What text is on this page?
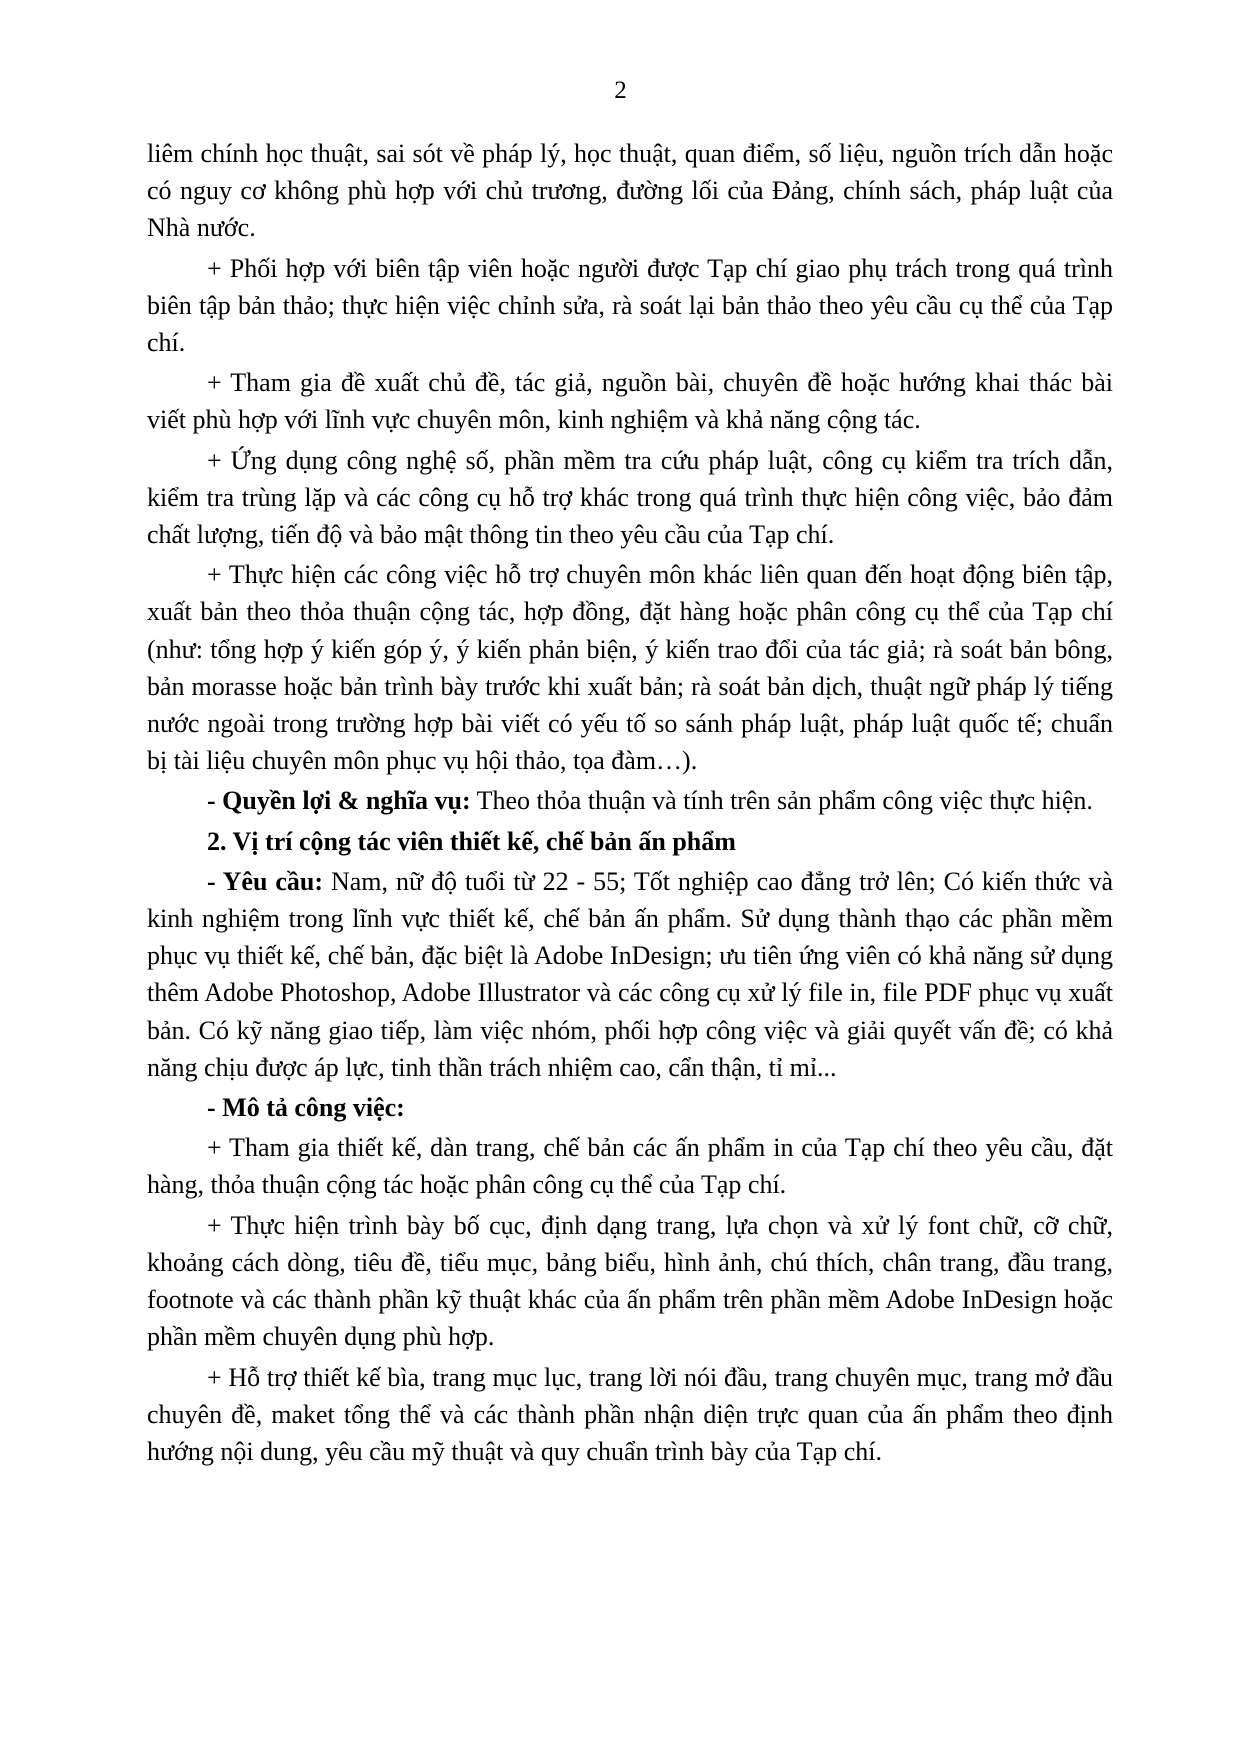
2

liêm chính học thuật, sai sót về pháp lý, học thuật, quan điểm, số liệu, nguồn trích dẫn hoặc có nguy cơ không phù hợp với chủ trương, đường lối của Đảng, chính sách, pháp luật của Nhà nước.

+ Phối hợp với biên tập viên hoặc người được Tạp chí giao phụ trách trong quá trình biên tập bản thảo; thực hiện việc chỉnh sửa, rà soát lại bản thảo theo yêu cầu cụ thể của Tạp chí.

+ Tham gia đề xuất chủ đề, tác giả, nguồn bài, chuyên đề hoặc hướng khai thác bài viết phù hợp với lĩnh vực chuyên môn, kinh nghiệm và khả năng cộng tác.

+ Ứng dụng công nghệ số, phần mềm tra cứu pháp luật, công cụ kiểm tra trích dẫn, kiểm tra trùng lặp và các công cụ hỗ trợ khác trong quá trình thực hiện công việc, bảo đảm chất lượng, tiến độ và bảo mật thông tin theo yêu cầu của Tạp chí.

+ Thực hiện các công việc hỗ trợ chuyên môn khác liên quan đến hoạt động biên tập, xuất bản theo thỏa thuận cộng tác, hợp đồng, đặt hàng hoặc phân công cụ thể của Tạp chí (như: tổng hợp ý kiến góp ý, ý kiến phản biện, ý kiến trao đổi của tác giả; rà soát bản bông, bản morasse hoặc bản trình bày trước khi xuất bản; rà soát bản dịch, thuật ngữ pháp lý tiếng nước ngoài trong trường hợp bài viết có yếu tố so sánh pháp luật, pháp luật quốc tế; chuẩn bị tài liệu chuyên môn phục vụ hội thảo, tọa đàm…).

- Quyền lợi & nghĩa vụ: Theo thỏa thuận và tính trên sản phẩm công việc thực hiện.

2. Vị trí cộng tác viên thiết kế, chế bản ấn phẩm

- Yêu cầu: Nam, nữ độ tuổi từ 22 - 55; Tốt nghiệp cao đẳng trở lên; Có kiến thức và kinh nghiệm trong lĩnh vực thiết kế, chế bản ấn phẩm. Sử dụng thành thạo các phần mềm phục vụ thiết kế, chế bản, đặc biệt là Adobe InDesign; ưu tiên ứng viên có khả năng sử dụng thêm Adobe Photoshop, Adobe Illustrator và các công cụ xử lý file in, file PDF phục vụ xuất bản. Có kỹ năng giao tiếp, làm việc nhóm, phối hợp công việc và giải quyết vấn đề; có khả năng chịu được áp lực, tinh thần trách nhiệm cao, cẩn thận, tỉ mỉ...

- Mô tả công việc:

+ Tham gia thiết kế, dàn trang, chế bản các ấn phẩm in của Tạp chí theo yêu cầu, đặt hàng, thỏa thuận cộng tác hoặc phân công cụ thể của Tạp chí.

+ Thực hiện trình bày bố cục, định dạng trang, lựa chọn và xử lý font chữ, cỡ chữ, khoảng cách dòng, tiêu đề, tiểu mục, bảng biểu, hình ảnh, chú thích, chân trang, đầu trang, footnote và các thành phần kỹ thuật khác của ấn phẩm trên phần mềm Adobe InDesign hoặc phần mềm chuyên dụng phù hợp.

+ Hỗ trợ thiết kế bìa, trang mục lục, trang lời nói đầu, trang chuyên mục, trang mở đầu chuyên đề, maket tổng thể và các thành phần nhận diện trực quan của ấn phẩm theo định hướng nội dung, yêu cầu mỹ thuật và quy chuẩn trình bày của Tạp chí.
